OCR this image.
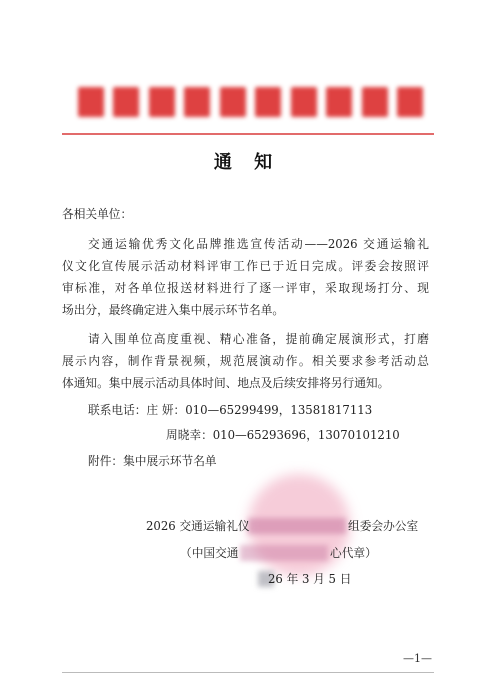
通 知
各相关单位：
交通运输优秀文化品牌推选宣传活动——2026 交通运输礼
仪文化宣传展示活动材料评审工作已于近日完成。评委会按照评
审标准，对各单位报送材料进行了逐一评审，采取现场打分、现
场出分，最终确定进入集中展示环节名单。
请入围单位高度重视、精心准备，提前确定展演形式，打磨
展示内容，制作背景视频，规范展演动作。相关要求参考活动总
体通知。集中展示活动具体时间、地点及后续安排将另行通知。
联系电话：庄 妍：010—65299499，13581817113
周晓幸：010—65293696，13070101210
附件：集中展示环节名单
2026 交通运输礼仪	组委会办公室
（中国交通	心代章）
26 年 3 月 5 日
—1—
